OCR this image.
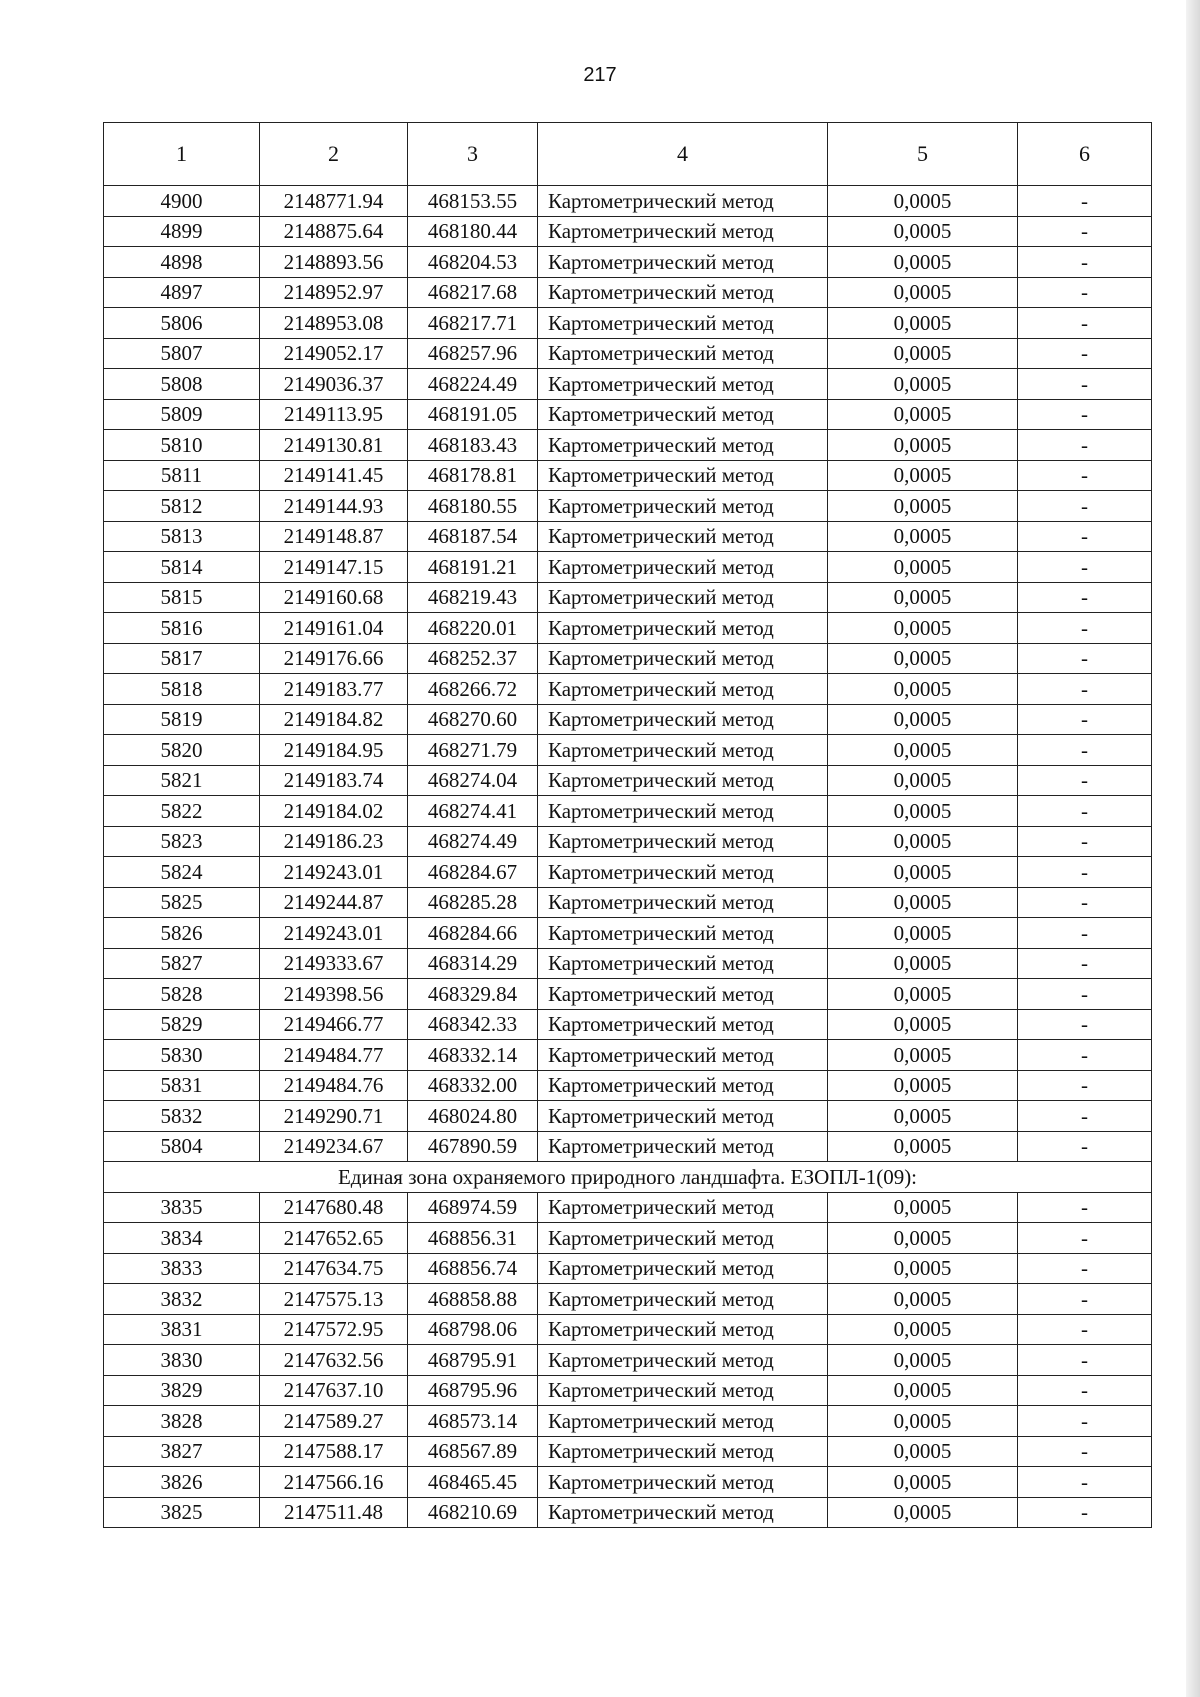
217
1	2	3	4	5	6
4900	2148771.94	468153.55	Картометрический метод	0,0005	-
4899	2148875.64	468180.44	Картометрический метод	0,0005	-
4898	2148893.56	468204.53	Картометрический метод	0,0005	-
4897	2148952.97	468217.68	Картометрический метод	0,0005	-
5806	2148953.08	468217.71	Картометрический метод	0,0005	-
5807	2149052.17	468257.96	Картометрический метод	0,0005	-
5808	2149036.37	468224.49	Картометрический метод	0,0005	-
5809	2149113.95	468191.05	Картометрический метод	0,0005	-
5810	2149130.81	468183.43	Картометрический метод	0,0005	-
5811	2149141.45	468178.81	Картометрический метод	0,0005	-
5812	2149144.93	468180.55	Картометрический метод	0,0005	-
5813	2149148.87	468187.54	Картометрический метод	0,0005	-
5814	2149147.15	468191.21	Картометрический метод	0,0005	-
5815	2149160.68	468219.43	Картометрический метод	0,0005	-
5816	2149161.04	468220.01	Картометрический метод	0,0005	-
5817	2149176.66	468252.37	Картометрический метод	0,0005	-
5818	2149183.77	468266.72	Картометрический метод	0,0005	-
5819	2149184.82	468270.60	Картометрический метод	0,0005	-
5820	2149184.95	468271.79	Картометрический метод	0,0005	-
5821	2149183.74	468274.04	Картометрический метод	0,0005	-
5822	2149184.02	468274.41	Картометрический метод	0,0005	-
5823	2149186.23	468274.49	Картометрический метод	0,0005	-
5824	2149243.01	468284.67	Картометрический метод	0,0005	-
5825	2149244.87	468285.28	Картометрический метод	0,0005	-
5826	2149243.01	468284.66	Картометрический метод	0,0005	-
5827	2149333.67	468314.29	Картометрический метод	0,0005	-
5828	2149398.56	468329.84	Картометрический метод	0,0005	-
5829	2149466.77	468342.33	Картометрический метод	0,0005	-
5830	2149484.77	468332.14	Картометрический метод	0,0005	-
5831	2149484.76	468332.00	Картометрический метод	0,0005	-
5832	2149290.71	468024.80	Картометрический метод	0,0005	-
5804	2149234.67	467890.59	Картометрический метод	0,0005	-
Единая зона охраняемого природного ландшафта. ЕЗОПЛ-1(09):					
3835	2147680.48	468974.59	Картометрический метод	0,0005	-
3834	2147652.65	468856.31	Картометрический метод	0,0005	-
3833	2147634.75	468856.74	Картометрический метод	0,0005	-
3832	2147575.13	468858.88	Картометрический метод	0,0005	-
3831	2147572.95	468798.06	Картометрический метод	0,0005	-
3830	2147632.56	468795.91	Картометрический метод	0,0005	-
3829	2147637.10	468795.96	Картометрический метод	0,0005	-
3828	2147589.27	468573.14	Картометрический метод	0,0005	-
3827	2147588.17	468567.89	Картометрический метод	0,0005	-
3826	2147566.16	468465.45	Картометрический метод	0,0005	-
3825	2147511.48	468210.69	Картометрический метод	0,0005	-
